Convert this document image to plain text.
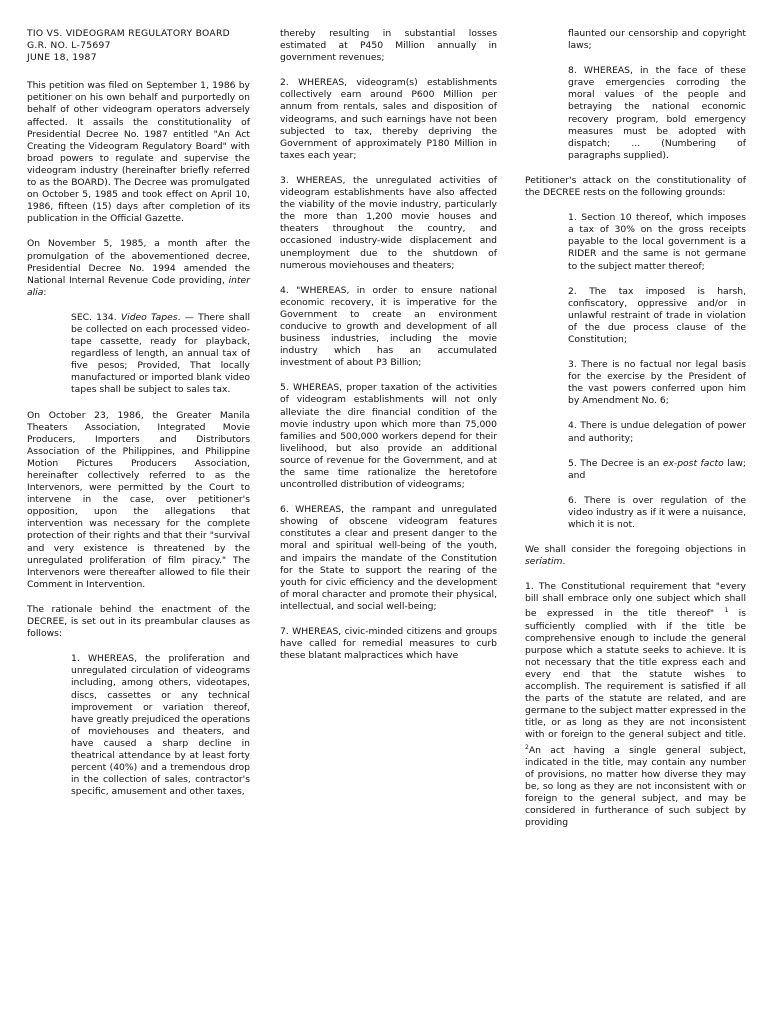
TIO VS. VIDEOGRAM REGULATORY BOARD
G.R. NO. L-75697
JUNE 18, 1987

This petition was filed on September 1, 1986 by petitioner on his own behalf and purportedly on behalf of other videogram operators adversely affected. It assails the constitutionality of Presidential Decree No. 1987 entitled "An Act Creating the Videogram Regulatory Board" with broad powers to regulate and supervise the videogram industry (hereinafter briefly referred to as the BOARD). The Decree was promulgated on October 5, 1985 and took effect on April 10, 1986, fifteen (15) days after completion of its publication in the Official Gazette.

On November 5, 1985, a month after the promulgation of the abovementioned decree, Presidential Decree No. 1994 amended the National Internal Revenue Code providing, inter alia:

SEC. 134. Video Tapes. — There shall be collected on each processed video-tape cassette, ready for playback, regardless of length, an annual tax of five pesos; Provided, That locally manufactured or imported blank video tapes shall be subject to sales tax.

On October 23, 1986, the Greater Manila Theaters Association, Integrated Movie Producers, Importers and Distributors Association of the Philippines, and Philippine Motion Pictures Producers Association, hereinafter collectively referred to as the Intervenors, were permitted by the Court to intervene in the case, over petitioner's opposition, upon the allegations that intervention was necessary for the complete protection of their rights and that their "survival and very existence is threatened by the unregulated proliferation of film piracy." The Intervenors were thereafter allowed to file their Comment in Intervention.

The rationale behind the enactment of the DECREE, is set out in its preambular clauses as follows:

1. WHEREAS, the proliferation and unregulated circulation of videograms including, among others, videotapes, discs, cassettes or any technical improvement or variation thereof, have greatly prejudiced the operations of moviehouses and theaters, and have caused a sharp decline in theatrical attendance by at least forty percent (40%) and a tremendous drop in the collection of sales, contractor's specific, amusement and other taxes,

thereby resulting in substantial losses estimated at P450 Million annually in government revenues;

2. WHEREAS, videogram(s) establishments collectively earn around P600 Million per annum from rentals, sales and disposition of videograms, and such earnings have not been subjected to tax, thereby depriving the Government of approximately P180 Million in taxes each year;

3. WHEREAS, the unregulated activities of videogram establishments have also affected the viability of the movie industry, particularly the more than 1,200 movie houses and theaters throughout the country, and occasioned industry-wide displacement and unemployment due to the shutdown of numerous moviehouses and theaters;

4. "WHEREAS, in order to ensure national economic recovery, it is imperative for the Government to create an environment conducive to growth and development of all business industries, including the movie industry which has an accumulated investment of about P3 Billion;

5. WHEREAS, proper taxation of the activities of videogram establishments will not only alleviate the dire financial condition of the movie industry upon which more than 75,000 families and 500,000 workers depend for their livelihood, but also provide an additional source of revenue for the Government, and at the same time rationalize the heretofore uncontrolled distribution of videograms;

6. WHEREAS, the rampant and unregulated showing of obscene videogram features constitutes a clear and present danger to the moral and spiritual well-being of the youth, and impairs the mandate of the Constitution for the State to support the rearing of the youth for civic efficiency and the development of moral character and promote their physical, intellectual, and social well-being;

7. WHEREAS, civic-minded citizens and groups have called for remedial measures to curb these blatant malpractices which have

flaunted our censorship and copyright laws;

8. WHEREAS, in the face of these grave emergencies corroding the moral values of the people and betraying the national economic recovery program, bold emergency measures must be adopted with dispatch; ... (Numbering of paragraphs supplied).

Petitioner's attack on the constitutionality of the DECREE rests on the following grounds:

1. Section 10 thereof, which imposes a tax of 30% on the gross receipts payable to the local government is a RIDER and the same is not germane to the subject matter thereof;

2. The tax imposed is harsh, confiscatory, oppressive and/or in unlawful restraint of trade in violation of the due process clause of the Constitution;

3. There is no factual nor legal basis for the exercise by the President of the vast powers conferred upon him by Amendment No. 6;

4. There is undue delegation of power and authority;

5. The Decree is an ex-post facto law; and

6. There is over regulation of the video industry as if it were a nuisance, which it is not.

We shall consider the foregoing objections in seriatim.

1. The Constitutional requirement that "every bill shall embrace only one subject which shall be expressed in the title thereof" $^1$ is sufficiently complied with if the title be comprehensive enough to include the general purpose which a statute seeks to achieve. It is not necessary that the title express each and every end that the statute wishes to accomplish. The requirement is satisfied if all the parts of the statute are related, and are germane to the subject matter expressed in the title, or as long as they are not inconsistent with or foreign to the general subject and title. $^2$An act having a single general subject, indicated in the title, may contain any number of provisions, no matter how diverse they may be, so long as they are not inconsistent with or foreign to the general subject, and may be considered in furtherance of such subject by providing
